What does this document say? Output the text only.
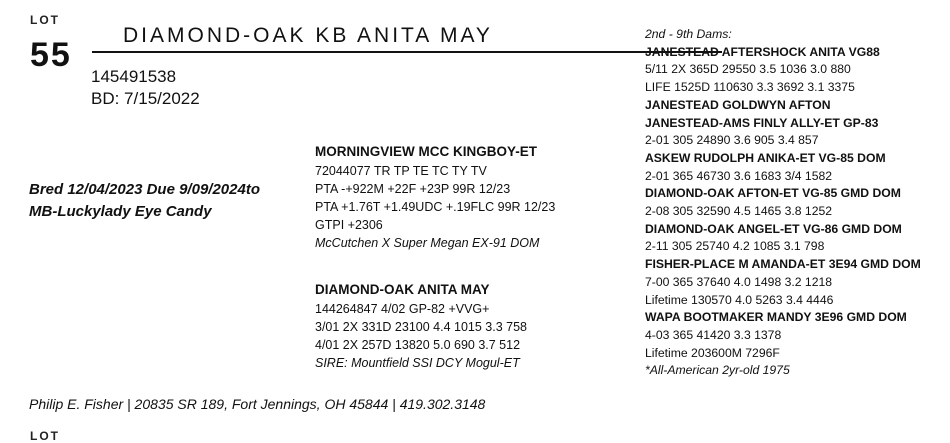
LOT
55
DIAMOND-OAK KB ANITA MAY
145491538
BD: 7/15/2022
Bred 12/04/2023 Due 9/09/2024to
MB-Luckylady Eye Candy
MORNINGVIEW MCC KINGBOY-ET
72044077 TR TP TE TC TY TV
PTA -+922M +22F +23P 99R 12/23
PTA +1.76T +1.49UDC +.19FLC 99R 12/23
GTPI +2306
McCutchen X Super Megan EX-91 DOM
DIAMOND-OAK ANITA MAY
144264847 4/02 GP-82 +VVG+
3/01 2X 331D 23100 4.4 1015 3.3 758
4/01 2X 257D 13820 5.0 690 3.7 512
SIRE: Mountfield SSI DCY Mogul-ET
2nd - 9th Dams:
JANESTEAD AFTERSHOCK ANITA VG88
5/11 2X 365D 29550 3.5 1036 3.0 880
LIFE 1525D 110630 3.3 3692 3.1 3375
JANESTEAD GOLDWYN AFTON
JANESTEAD-AMS FINLY ALLY-ET GP-83
2-01 305 24890 3.6 905 3.4 857
ASKEW RUDOLPH ANIKA-ET VG-85 DOM
2-01 365 46730 3.6 1683 3/4 1582
DIAMOND-OAK AFTON-ET VG-85 GMD DOM
2-08 305 32590 4.5 1465 3.8 1252
DIAMOND-OAK ANGEL-ET VG-86 GMD DOM
2-11 305 25740 4.2 1085 3.1 798
FISHER-PLACE M AMANDA-ET 3E94 GMD DOM
7-00 365 37640 4.0 1498 3.2 1218
Lifetime 130570 4.0 5263 3.4 4446
WAPA BOOTMAKER MANDY 3E96 GMD DOM
4-03 365 41420 3.3 1378
Lifetime 203600M 7296F
*All-American 2yr-old 1975
Philip E. Fisher | 20835 SR 189, Fort Jennings, OH 45844 | 419.302.3148
LOT
